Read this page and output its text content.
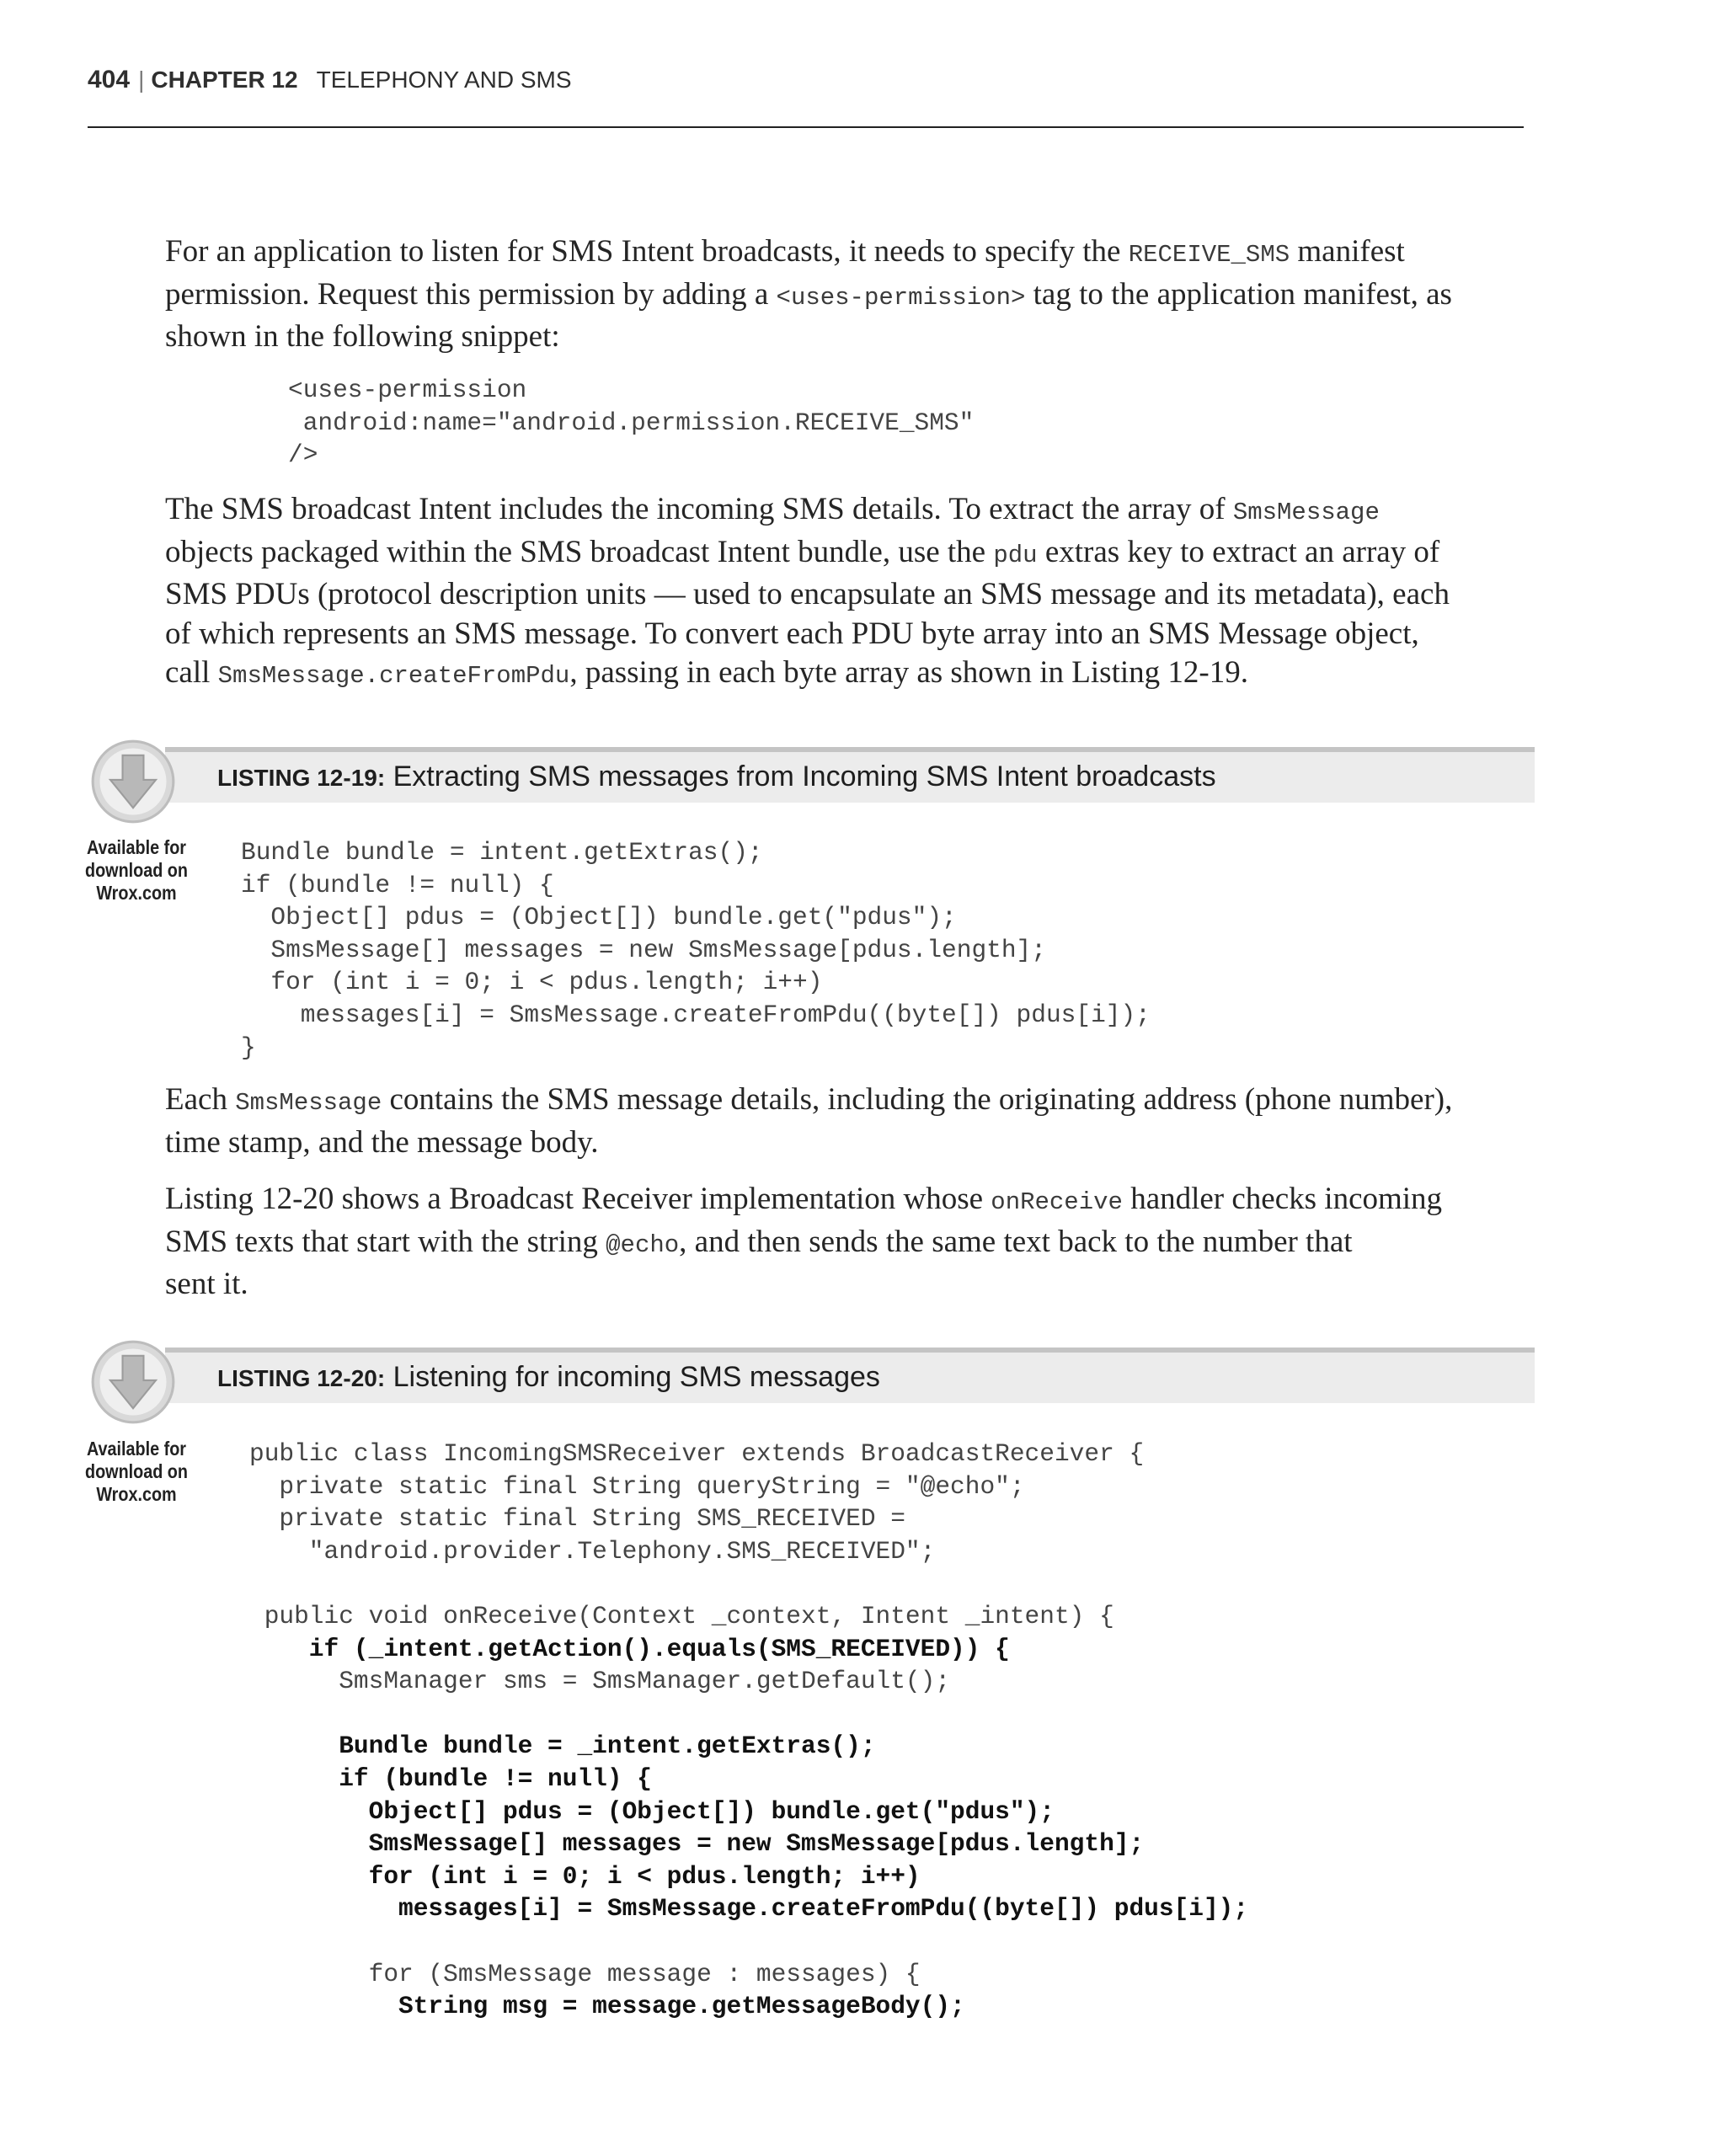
404 | CHAPTER 12 TELEPHONY AND SMS

For an application to listen for SMS Intent broadcasts, it needs to specify the RECEIVE_SMS manifest
permission. Request this permission by adding a <uses-permission> tag to the application manifest, as
shown in the following snippet:

<uses-permission
android:name="android.permission.RECEIVE_SMS"
/>

The SMS broadcast Intent includes the incoming SMS details. To extract the array of SmsMessage
objects packaged within the SMS broadcast Intent bundle, use the pdu extras key to extract an array of
SMS PDUs (protocol description units — used to encapsulate an SMS message and its metadata), each
of which represents an SMS message. To convert each PDU byte array into an SMS Message object,
call SmsMessage.createFromPdu, passing in each byte array as shown in Listing 12-19.

LISTING 12-19: Extracting SMS messages from Incoming SMS Intent broadcasts
Available for
download on
Wrox.com
Bundle bundle = intent.getExtras();
if (bundle != null) {
Object[] pdus = (Object[]) bundle.get("pdus");
SmsMessage[] messages = new SmsMessage[pdus.length];
for (int i = 0; i < pdus.length; i++)
messages[i] = SmsMessage.createFromPdu((byte[]) pdus[i]);
}

Each SmsMessage contains the SMS message details, including the originating address (phone number),
time stamp, and the message body.

Listing 12-20 shows a Broadcast Receiver implementation whose onReceive handler checks incoming
SMS texts that start with the string @echo, and then sends the same text back to the number that
sent it.

LISTING 12-20: Listening for incoming SMS messages
Available for
download on
Wrox.com
public class IncomingSMSReceiver extends BroadcastReceiver {
private static final String queryString = "@echo";
private static final String SMS_RECEIVED =
"android.provider.Telephony.SMS_RECEIVED";
public void onReceive(Context _context, Intent _intent) {
if (_intent.getAction().equals(SMS_RECEIVED)) {
SmsManager sms = SmsManager.getDefault();
Bundle bundle = _intent.getExtras();
if (bundle != null) {
Object[] pdus = (Object[]) bundle.get("pdus");
SmsMessage[] messages = new SmsMessage[pdus.length];
for (int i = 0; i < pdus.length; i++)
messages[i] = SmsMessage.createFromPdu((byte[]) pdus[i]);
for (SmsMessage message : messages) {
String msg = message.getMessageBody();
